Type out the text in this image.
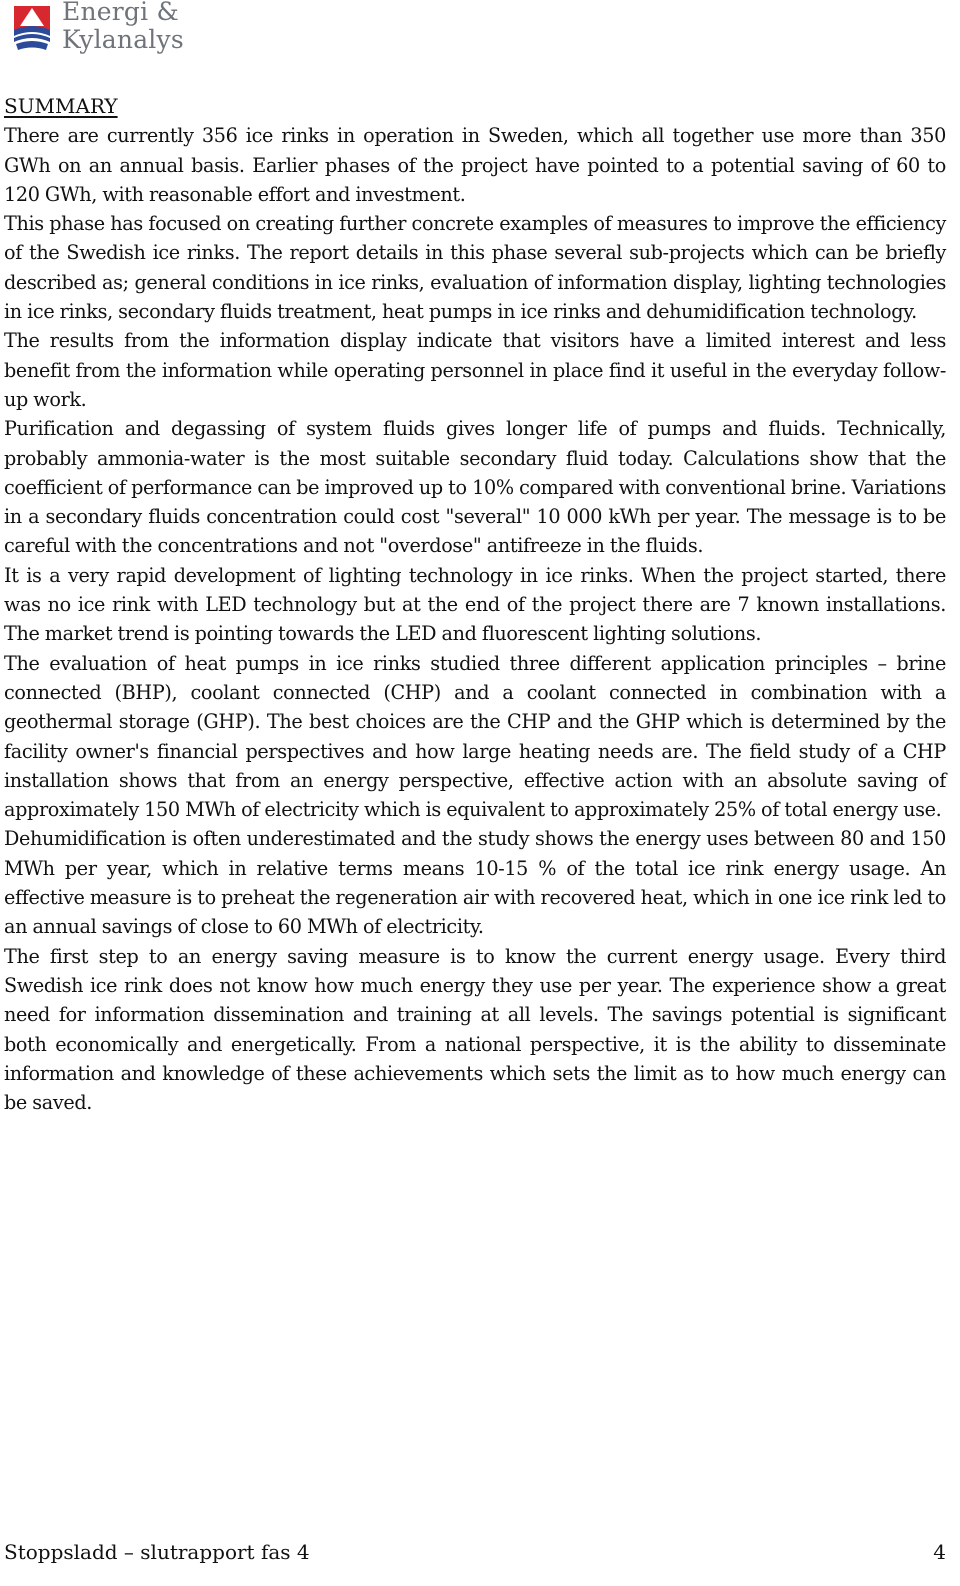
Energi &
Kylanalys
SUMMARY

There are currently 356 ice rinks in operation in Sweden, which all together use more than 350 GWh on an annual basis. Earlier phases of the project have pointed to a potential saving of 60 to 120 GWh, with reasonable effort and investment.

This phase has focused on creating further concrete examples of measures to improve the efficiency of the Swedish ice rinks. The report details in this phase several sub-projects which can be briefly described as; general conditions in ice rinks, evaluation of information display, lighting technologies in ice rinks, secondary fluids treatment, heat pumps in ice rinks and dehumidification technology.

The results from the information display indicate that visitors have a limited interest and less benefit from the information while operating personnel in place find it useful in the everyday follow-up work.

Purification and degassing of system fluids gives longer life of pumps and fluids. Technically, probably ammonia-water is the most suitable secondary fluid today. Calculations show that the coefficient of performance can be improved up to 10% compared with conventional brine. Variations in a secondary fluids concentration could cost "several" 10 000 kWh per year. The message is to be careful with the concentrations and not "overdose" antifreeze in the fluids.

It is a very rapid development of lighting technology in ice rinks. When the project started, there was no ice rink with LED technology but at the end of the project there are 7 known installations. The market trend is pointing towards the LED and fluorescent lighting solutions.

The evaluation of heat pumps in ice rinks studied three different application principles – brine connected (BHP), coolant connected (CHP) and a coolant connected in combination with a geothermal storage (GHP). The best choices are the CHP and the GHP which is determined by the facility owner's financial perspectives and how large heating needs are. The field study of a CHP installation shows that from an energy perspective, effective action with an absolute saving of approximately 150 MWh of electricity which is equivalent to approximately 25% of total energy use.

Dehumidification is often underestimated and the study shows the energy uses between 80 and 150 MWh per year, which in relative terms means 10-15 % of the total ice rink energy usage. An effective measure is to preheat the regeneration air with recovered heat, which in one ice rink led to an annual savings of close to 60 MWh of electricity.

The first step to an energy saving measure is to know the current energy usage. Every third Swedish ice rink does not know how much energy they use per year. The experience show a great need for information dissemination and training at all levels. The savings potential is significant both economically and energetically. From a national perspective, it is the ability to disseminate information and knowledge of these achievements which sets the limit as to how much energy can be saved.

Stoppsladd – slutrapport fas 4	4
